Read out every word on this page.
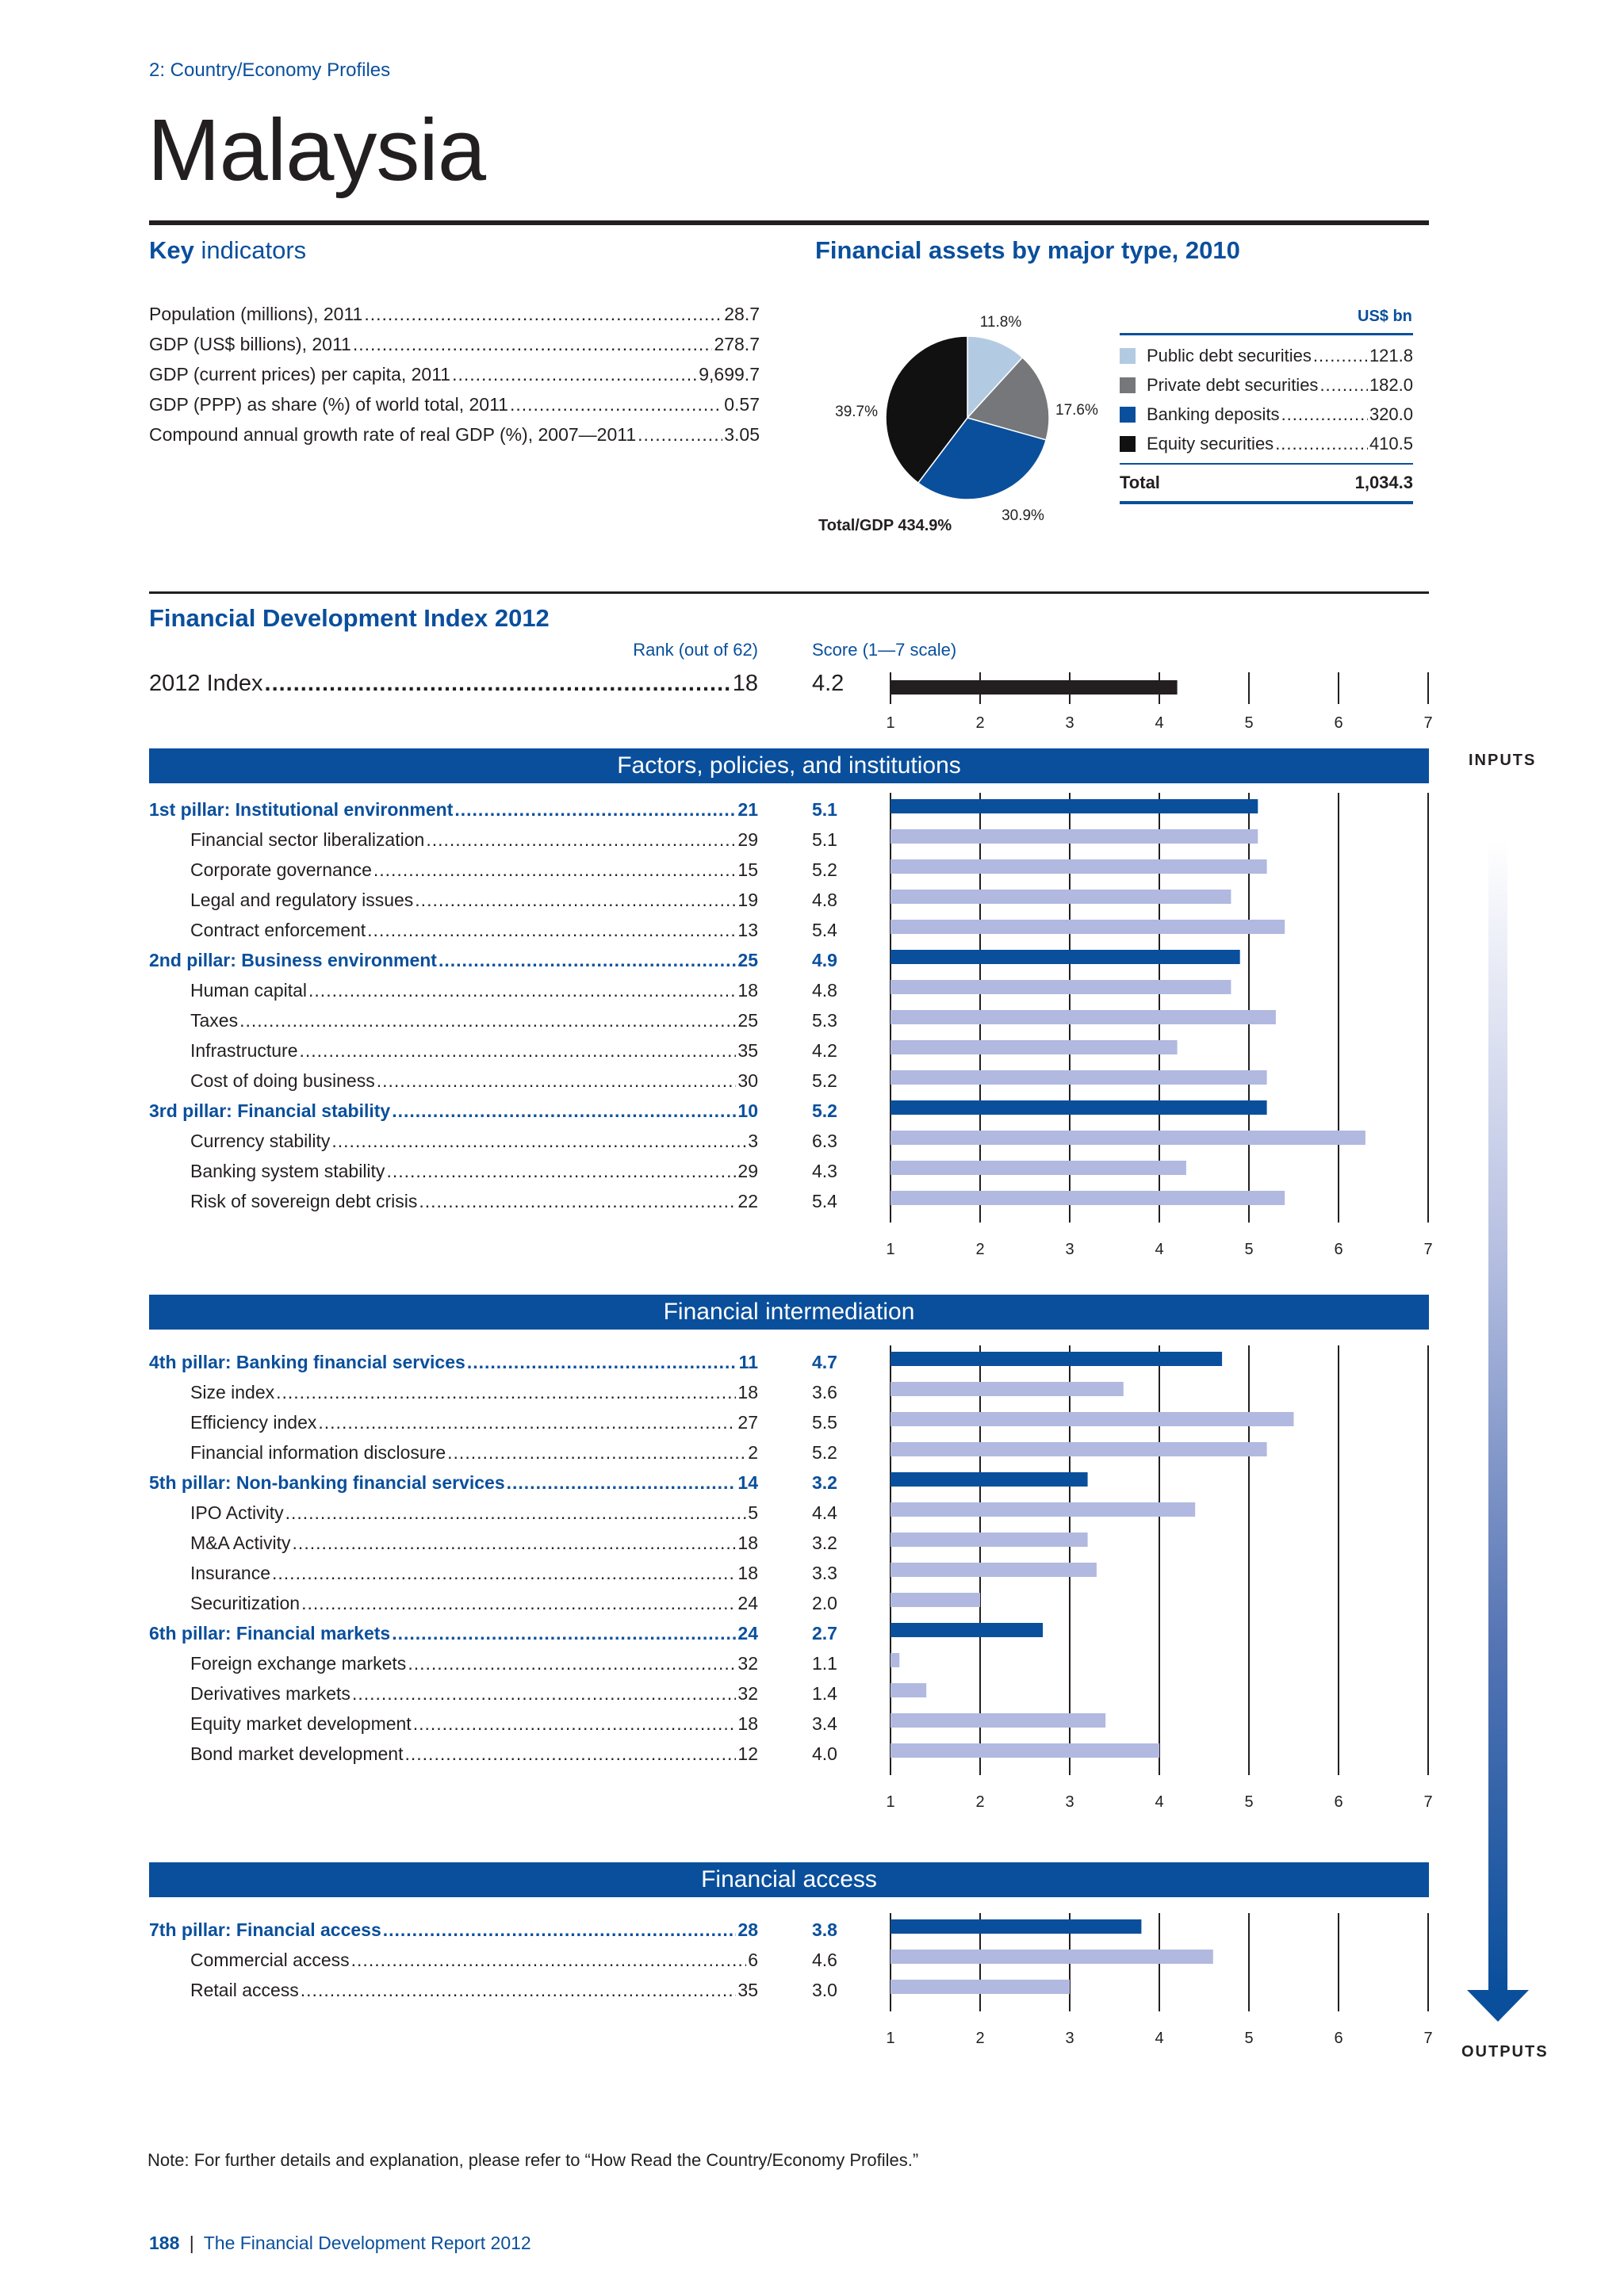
2: Country/Economy Profiles
Malaysia
Key indicators
Population (millions), 2011 .....	28.7
GDP (US$ billions), 2011 .....	278.7
GDP (current prices) per capita, 2011 .....	9,699.7
GDP (PPP) as share (%) of world total, 2011 .....	0.57
Compound annual growth rate of real GDP (%), 2007—2011 .....	3.05
Financial assets by major type, 2010
11.8%
17.6%
30.9%
39.7%
Total/GDP 434.9%
US$ bn
Public debt securities .....	121.8
Private debt securities .....	182.0
Banking deposits .....	320.0
Equity securities .....	410.5
Total	1,034.3
Financial Development Index 2012
Rank (out of 62)	Score (1—7 scale)
2012 Index .....	18 4.2
1	2	3	4	5	6	7
Factors, policies, and institutions
Financial intermediation
Financial access
1st pillar: Institutional environment .....	21	5.1
Financial sector liberalization .....	29	5.1
Corporate governance .....	15	5.2
Legal and regulatory issues .....	19	4.8
Contract enforcement .....	13	5.4
2nd pillar: Business environment .....	25	4.9
Human capital .....	18	4.8
Taxes .....	25	5.3
Infrastructure .....	35	4.2
Cost of doing business .....	30	5.2
3rd pillar: Financial stability .....	10	5.2
Currency stability .....	3	6.3
Banking system stability .....	29	4.3
Risk of sovereign debt crisis .....	22	5.4
4th pillar: Banking financial services .....	11	4.7
Size index .....	18	3.6
Efficiency index .....	27	5.5
Financial information disclosure .....	2	5.2
5th pillar: Non-banking financial services .....	14	3.2
IPO Activity .....	5	4.4
M&A Activity .....	18	3.2
Insurance .....	18	3.3
Securitization .....	24	2.0
6th pillar: Financial markets .....	24	2.7
Foreign exchange markets .....	32	1.1
Derivatives markets .....	32	1.4
Equity market development .....	18	3.4
Bond market development .....	12	4.0
7th pillar: Financial access .....	28	3.8
Commercial access .....	6	4.6
Retail access .....	35	3.0
1	2	3	4	5	6	7
1	2	3	4	5	6	7
1	2	3	4	5	6	7
INPUTS
OUTPUTS
Note: For further details and explanation, please refer to “How Read the Country/Economy Profiles.”
188 | The Financial Development Report 2012
